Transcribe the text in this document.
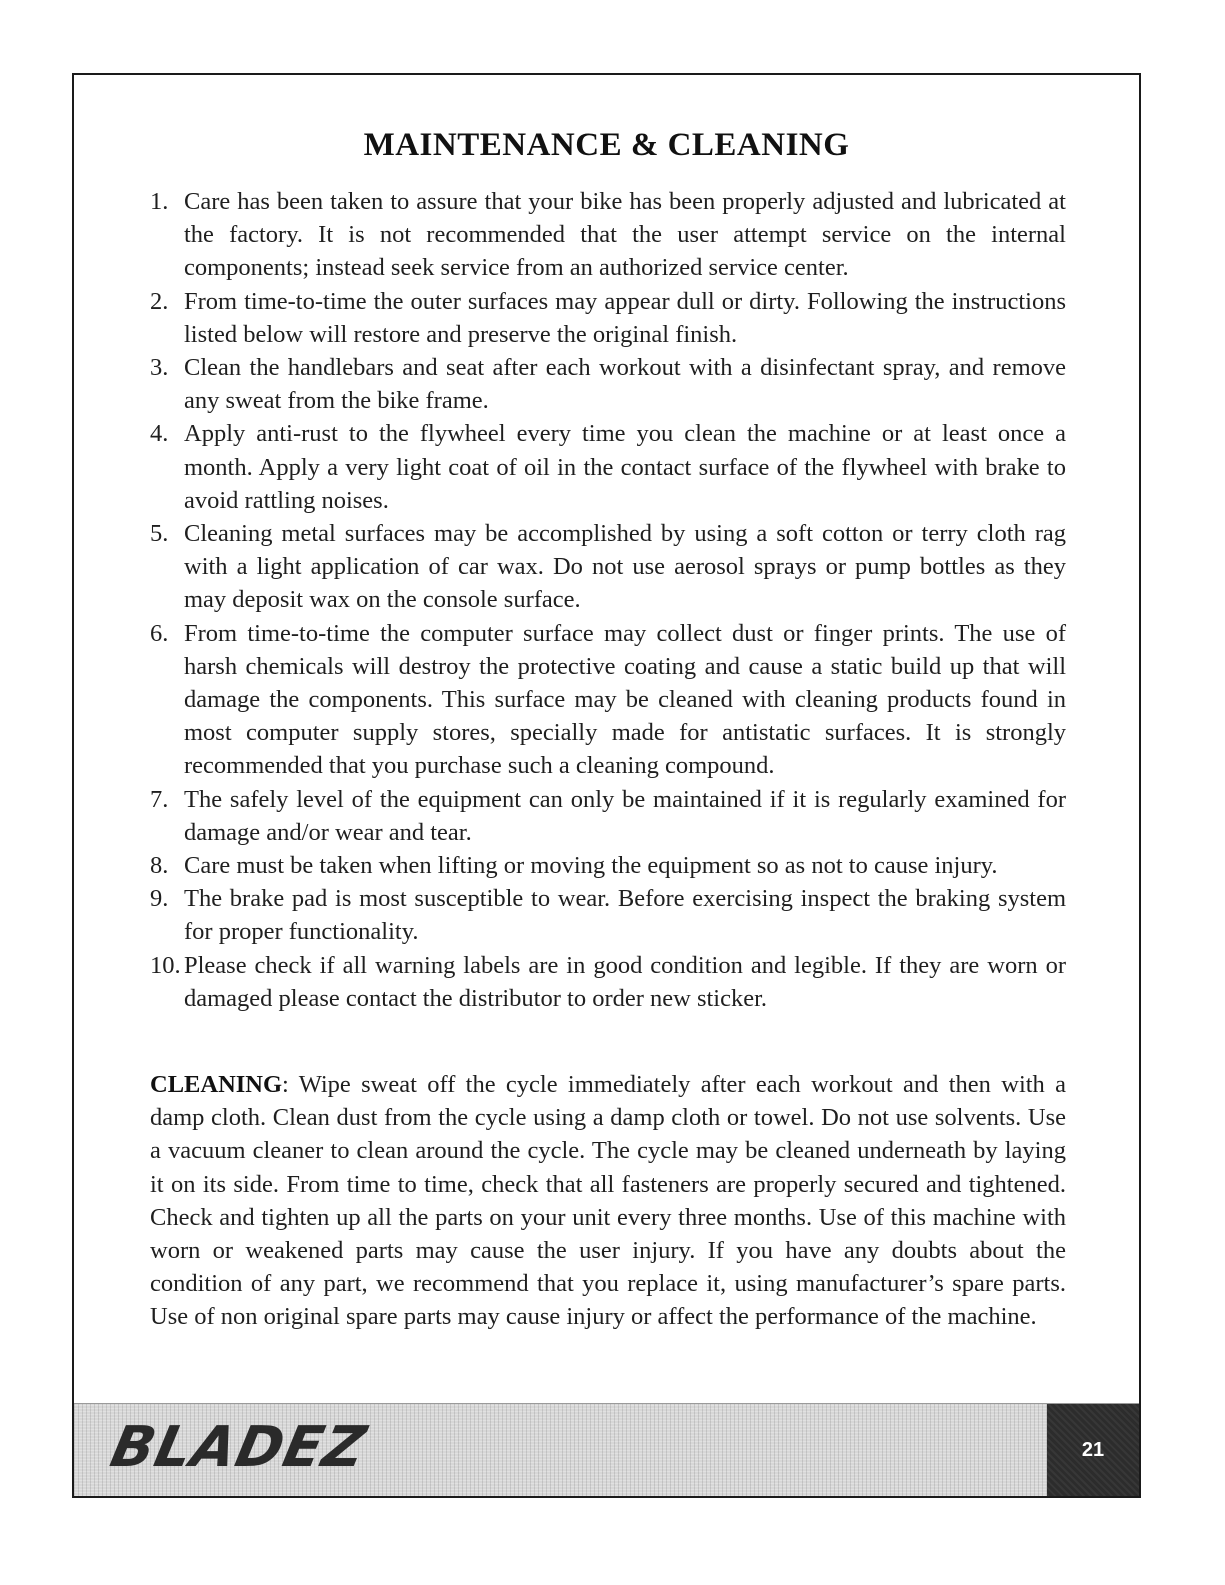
MAINTENANCE & CLEANING
1. Care has been taken to assure that your bike has been properly adjusted and lubricated at the factory. It is not recommended that the user attempt service on the internal components; instead seek service from an authorized service center.
2. From time-to-time the outer surfaces may appear dull or dirty. Following the instructions listed below will restore and preserve the original finish.
3. Clean the handlebars and seat after each workout with a disinfectant spray, and remove any sweat from the bike frame.
4. Apply anti-rust to the flywheel every time you clean the machine or at least once a month. Apply a very light coat of oil in the contact surface of the flywheel with brake to avoid rattling noises.
5. Cleaning metal surfaces may be accomplished by using a soft cotton or terry cloth rag with a light application of car wax. Do not use aerosol sprays or pump bottles as they may deposit wax on the console surface.
6. From time-to-time the computer surface may collect dust or finger prints. The use of harsh chemicals will destroy the protective coating and cause a static build up that will damage the components. This surface may be cleaned with cleaning products found in most computer supply stores, specially made for antistatic surfaces. It is strongly recommended that you purchase such a cleaning compound.
7. The safely level of the equipment can only be maintained if it is regularly examined for damage and/or wear and tear.
8. Care must be taken when lifting or moving the equipment so as not to cause injury.
9. The brake pad is most susceptible to wear. Before exercising inspect the braking system for proper functionality.
10. Please check if all warning labels are in good condition and legible. If they are worn or damaged please contact the distributor to order new sticker.

CLEANING: Wipe sweat off the cycle immediately after each workout and then with a damp cloth. Clean dust from the cycle using a damp cloth or towel. Do not use solvents. Use a vacuum cleaner to clean around the cycle. The cycle may be cleaned underneath by laying it on its side. From time to time, check that all fasteners are properly secured and tightened. Check and tighten up all the parts on your unit every three months. Use of this machine with worn or weakened parts may cause the user injury. If you have any doubts about the condition of any part, we recommend that you replace it, using manufacturer’s spare parts. Use of non original spare parts may cause injury or affect the performance of the machine.

BLADEZ	21
